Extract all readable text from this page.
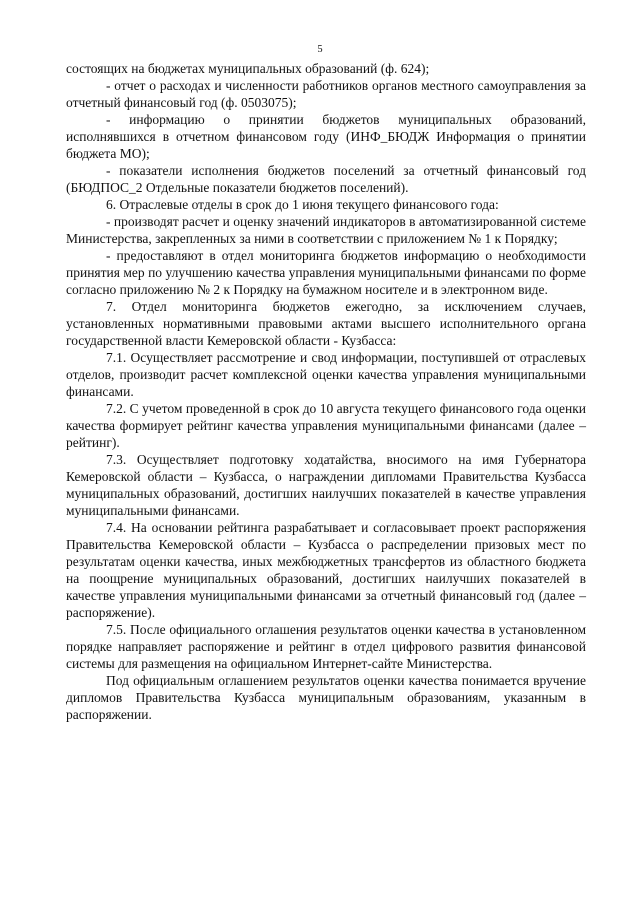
5

состоящих на бюджетах муниципальных образований (ф. 624);

- отчет о расходах и численности работников органов местного самоуправления за отчетный финансовый год (ф. 0503075);

- информацию о принятии бюджетов муниципальных образований, исполнявшихся в отчетном финансовом году (ИНФ_БЮДЖ Информация о принятии бюджета МО);

- показатели исполнения бюджетов поселений за отчетный финансовый год (БЮДПОС_2 Отдельные показатели бюджетов поселений).

6. Отраслевые отделы в срок до 1 июня текущего финансового года:

- производят расчет и оценку значений индикаторов в автоматизированной системе Министерства, закрепленных за ними в соответствии с приложением № 1 к Порядку;

- предоставляют в отдел мониторинга бюджетов информацию о необходимости принятия мер по улучшению качества управления муниципальными финансами по форме согласно приложению № 2 к Порядку на бумажном носителе и в электронном виде.

7. Отдел мониторинга бюджетов ежегодно, за исключением случаев, установленных нормативными правовыми актами высшего исполнительного органа государственной власти Кемеровской области - Кузбасса:

7.1. Осуществляет рассмотрение и свод информации, поступившей от отраслевых отделов, производит расчет комплексной оценки качества управления муниципальными финансами.

7.2. С учетом проведенной в срок до 10 августа текущего финансового года оценки качества формирует рейтинг качества управления муниципальными финансами (далее – рейтинг).

7.3. Осуществляет подготовку ходатайства, вносимого на имя Губернатора Кемеровской области – Кузбасса, о награждении дипломами Правительства Кузбасса муниципальных образований, достигших наилучших показателей в качестве управления муниципальными финансами.

7.4. На основании рейтинга разрабатывает и согласовывает проект распоряжения Правительства Кемеровской области – Кузбасса о распределении призовых мест по результатам оценки качества, иных межбюджетных трансфертов из областного бюджета на поощрение муниципальных образований, достигших наилучших показателей в качестве управления муниципальными финансами за отчетный финансовый год (далее – распоряжение).

7.5. После официального оглашения результатов оценки качества в установленном порядке направляет распоряжение и рейтинг в отдел цифрового развития финансовой системы для размещения на официальном Интернет-сайте Министерства.

Под официальным оглашением результатов оценки качества понимается вручение дипломов Правительства Кузбасса муниципальным образованиям, указанным в распоряжении.
